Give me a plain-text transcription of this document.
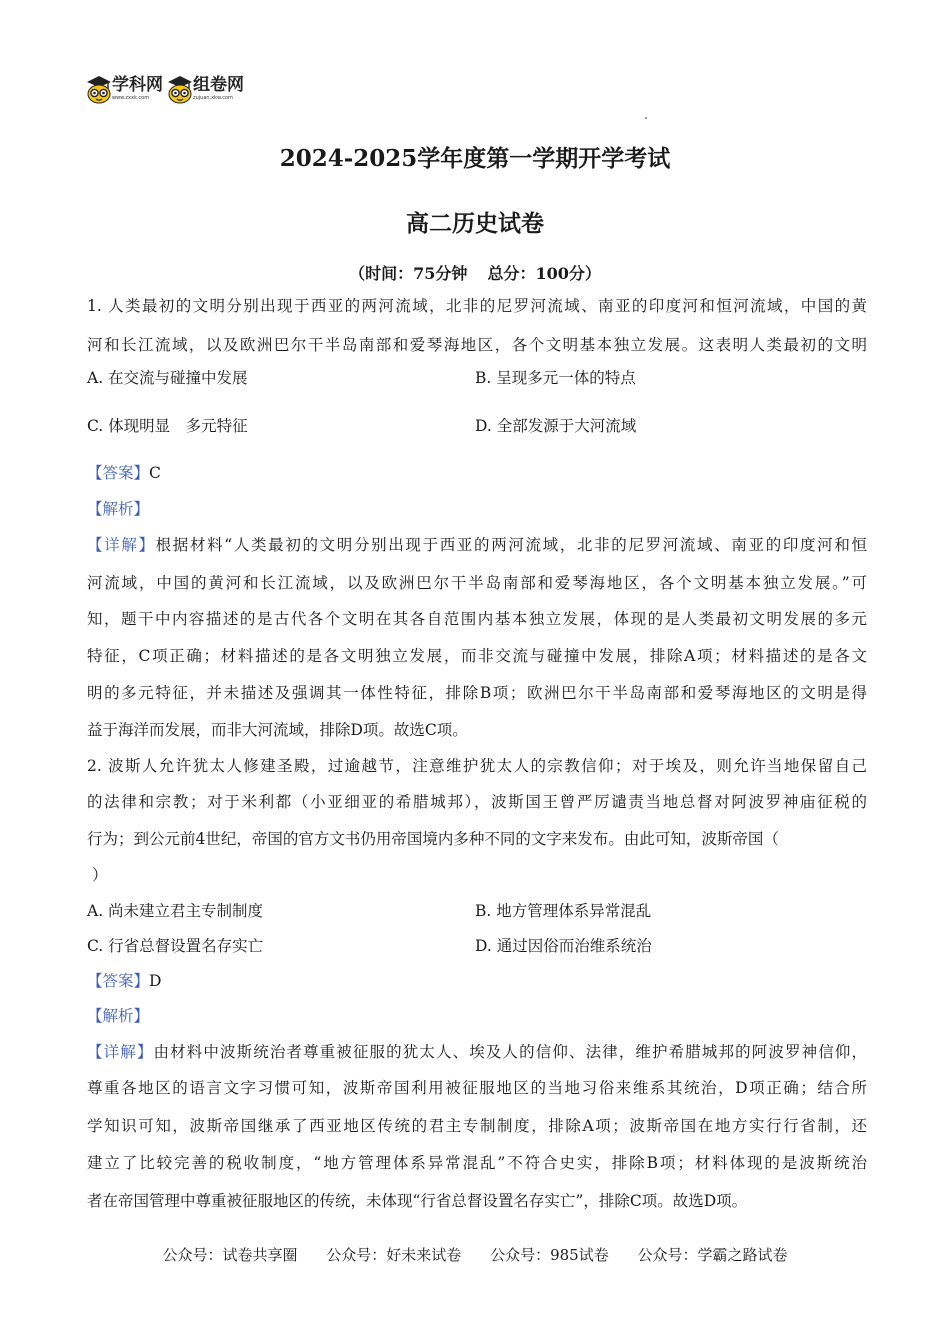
学科网
www.zxxk.com
组卷网
zujuan.xkw.com
2024-2025学年度第一学期开学考试
高二历史试卷
（时间：75分钟 总分：100分）
1. 人类最初的文明分别出现于西亚的两河流域，北非的尼罗河流域、南亚的印度河和恒河流域，中国的黄
河和长江流域，以及欧洲巴尔干半岛南部和爱琴海地区，各个文明基本独立发展。这表明人类最初的文明
A. 在交流与碰撞中发展	B. 呈现多元一体的特点
C. 体现明显　多元特征	D. 全部发源于大河流域
【答案】C
【解析】
【详解】根据材料“人类最初的文明分别出现于西亚的两河流域，北非的尼罗河流域、南亚的印度河和恒
河流域，中国的黄河和长江流域，以及欧洲巴尔干半岛南部和爱琴海地区，各个文明基本独立发展。”可
知，题干中内容描述的是古代各个文明在其各自范围内基本独立发展，体现的是人类最初文明发展的多元
特征，C项正确；材料描述的是各文明独立发展，而非交流与碰撞中发展，排除A项；材料描述的是各文
明的多元特征，并未描述及强调其一体性特征，排除B项；欧洲巴尔干半岛南部和爱琴海地区的文明是得
益于海洋而发展，而非大河流域，排除D项。故选C项。
2. 波斯人允许犹太人修建圣殿，过逾越节，注意维护犹太人的宗教信仰；对于埃及，则允许当地保留自己
的法律和宗教；对于米利都（小亚细亚的希腊城邦），波斯国王曾严厉谴责当地总督对阿波罗神庙征税的
行为；到公元前4世纪，帝国的官方文书仍用帝国境内多种不同的文字来发布。由此可知，波斯帝国（
）
A. 尚未建立君主专制制度	B. 地方管理体系异常混乱
C. 行省总督设置名存实亡	D. 通过因俗而治维系统治
【答案】D
【解析】
【详解】由材料中波斯统治者尊重被征服的犹太人、埃及人的信仰、法律，维护希腊城邦的阿波罗神信仰，
尊重各地区的语言文字习惯可知，波斯帝国利用被征服地区的当地习俗来维系其统治，D项正确；结合所
学知识可知，波斯帝国继承了西亚地区传统的君主专制制度，排除A项；波斯帝国在地方实行行省制，还
建立了比较完善的税收制度，“地方管理体系异常混乱”不符合史实，排除B项；材料体现的是波斯统治
者在帝国管理中尊重被征服地区的传统，未体现“行省总督设置名存实亡”，排除C项。故选D项。
公众号：试卷共享圈 公众号：好未来试卷 公众号：985试卷 公众号：学霸之路试卷
